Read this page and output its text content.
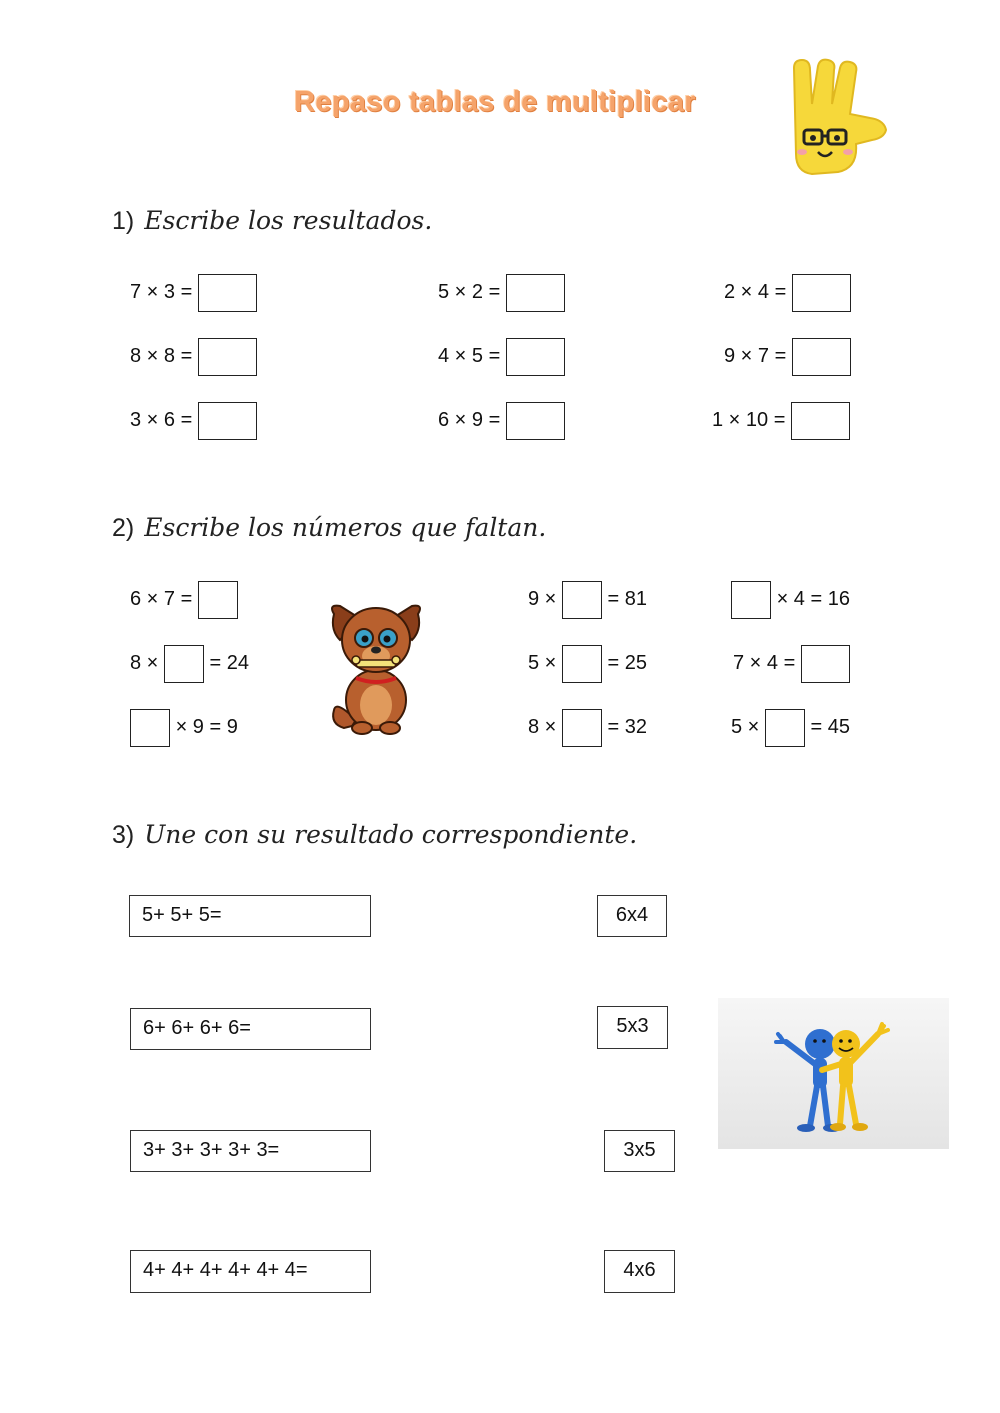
Repaso tablas de multiplicar
1) Escribe los resultados.
2) Escribe los números que faltan.
3) Une con su resultado correspondiente.
7 × 3 =	5 × 2 =	2 × 4 =
8 × 8 =	4 × 5 =	9 × 7 =
3 × 6 =	6 × 9 =	1 × 10 =
6 × 7 =
8 ×	= 24
× 9 = 9
9 ×	= 81
5 ×	= 25
8 ×	= 32
× 4 = 16
7 × 4 =
5 ×	= 45
5+ 5+ 5=
6+ 6+ 6+ 6=
3+ 3+ 3+ 3+ 3=
4+ 4+ 4+ 4+ 4+ 4=
6x4
5x3
3x5
4x6
